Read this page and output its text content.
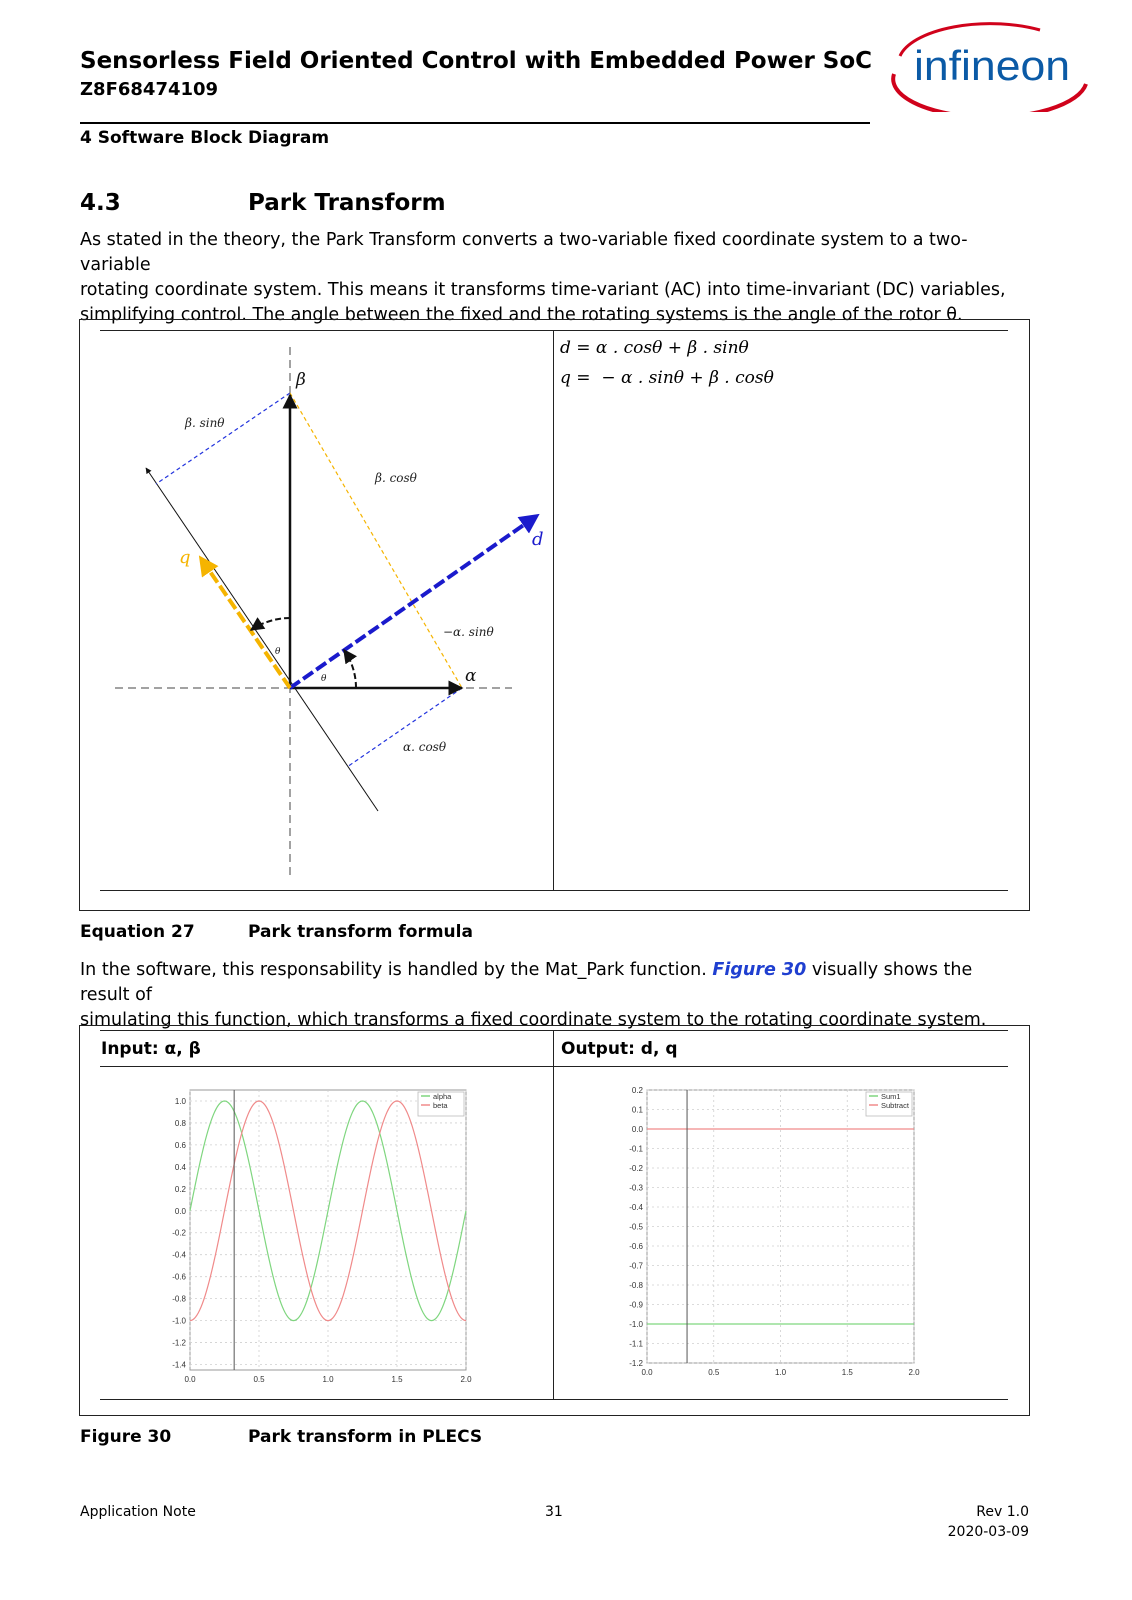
Sensorless Field Oriented Control with Embedded Power SoC
Z8F68474109
4 Software Block Diagram
infineon
4.3	Park Transform
As stated in the theory, the Park Transform converts a two-variable fixed coordinate system to a two-variable
rotating coordinate system. This means it transforms time-variant (AC) into time-invariant (DC) variables,
simplifying control. The angle between the fixed and the rotating systems is the angle of the rotor θ.
β
α
d
q
β. sinθ
β. cosθ
−α. sinθ
α. cosθ
θ
θ
d = α . cosθ + β . sinθ
q =  − α . sinθ + β . cosθ
Equation 27	Park transform formula
In the software, this responsability is handled by the Mat_Park function. Figure 30 visually shows the result of
simulating this function, which transforms a fixed coordinate system to the rotating coordinate system.
Input: α, β	Output: d, q
1.0
0.8
0.6
0.4
0.2
0.0
-0.2
-0.4
-0.6
-0.8
-1.0
-1.2
-1.4
0.0	0.5	1.0	1.5	2.0
alpha
beta
0.2
0.1
0.0
-0.1
-0.2
-0.3
-0.4
-0.5
-0.6
-0.7
-0.8
-0.9
-1.0
-1.1
-1.2
0.0	0.5	1.0	1.5	2.0
Sum1
Subtract
Figure 30	Park transform in PLECS
Application Note	31	Rev 1.0
2020-03-09
